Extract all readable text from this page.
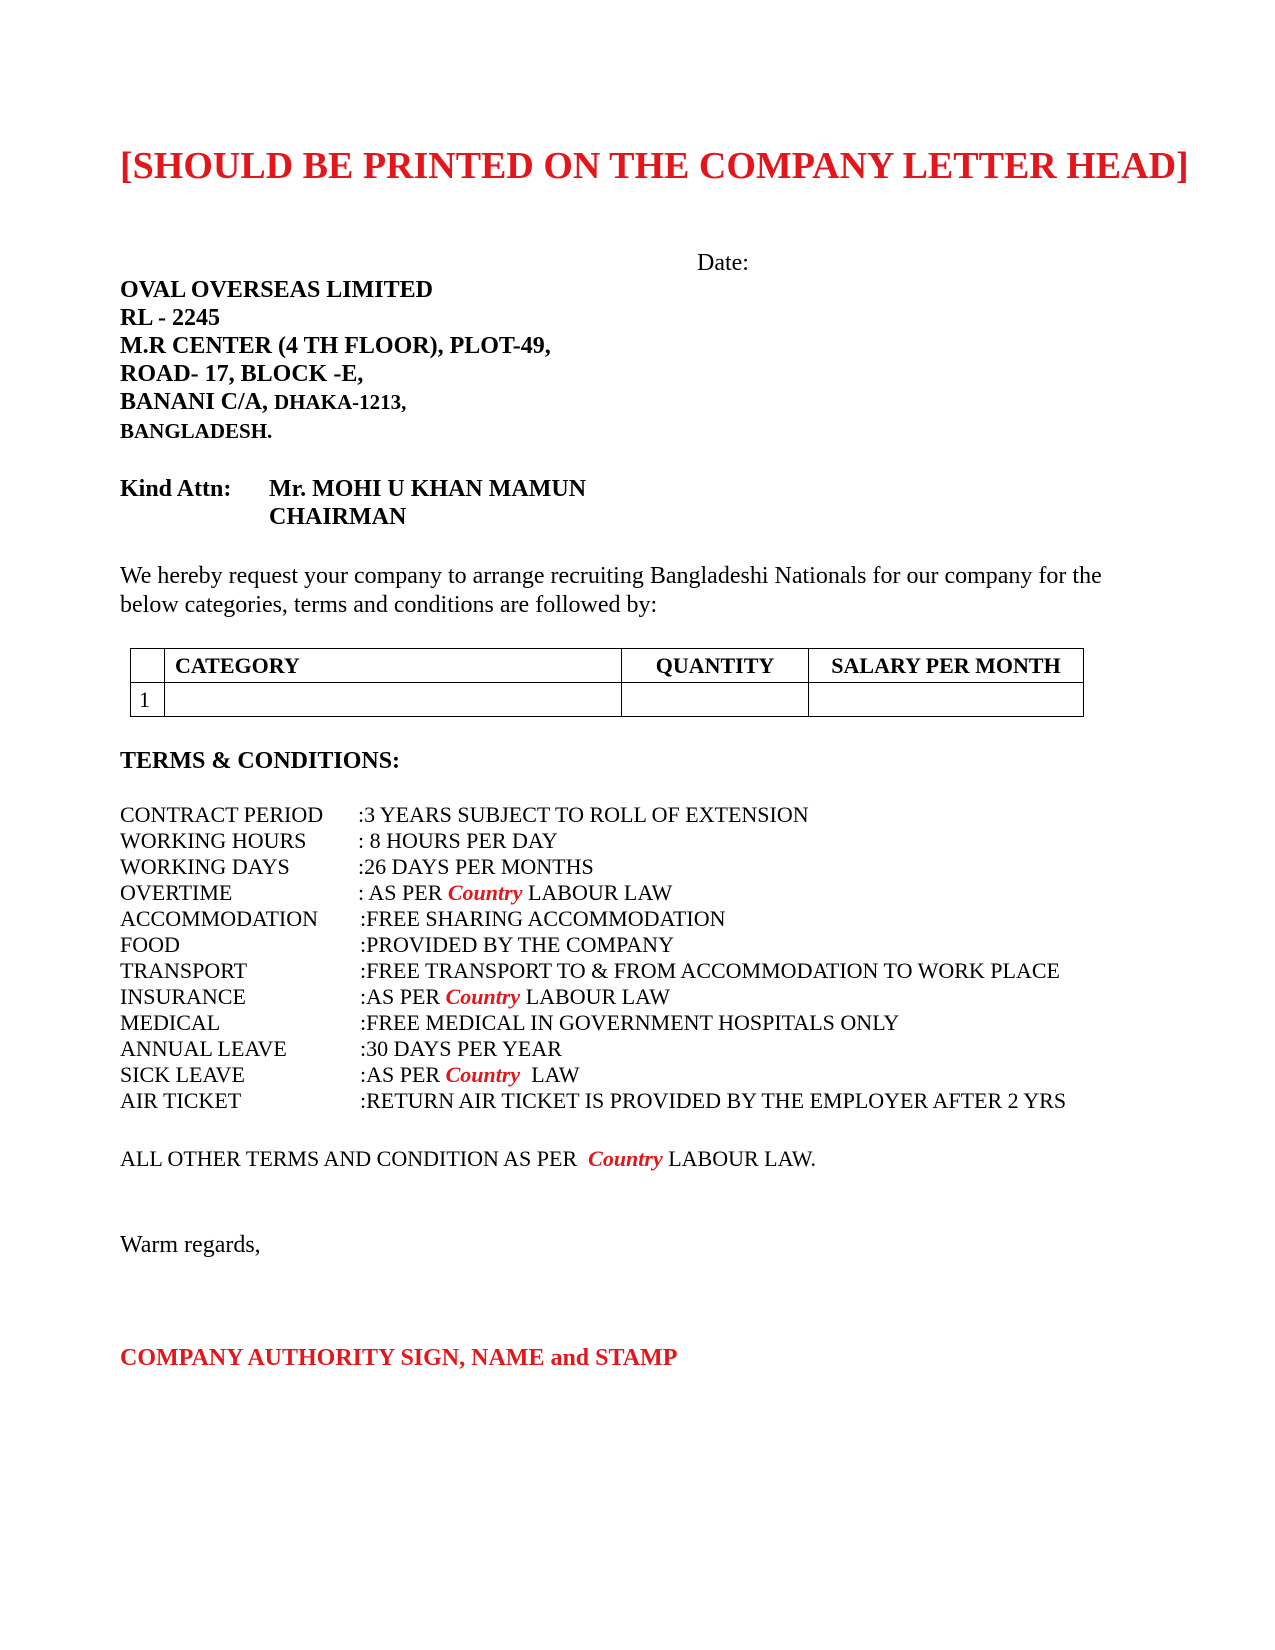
[SHOULD BE PRINTED ON THE COMPANY LETTER HEAD]
Date:
OVAL OVERSEAS LIMITED
RL - 2245
M.R CENTER (4 TH FLOOR), PLOT-49,
ROAD- 17, BLOCK -E,
BANANI C/A, DHAKA-1213,
BANGLADESH.
Kind Attn: Mr. MOHI U KHAN MAMUN
CHAIRMAN
We hereby request your company to arrange recruiting Bangladeshi Nationals for our company for the below categories, terms and conditions are followed by:
	CATEGORY	QUANTITY	SALARY PER MONTH
1			
TERMS & CONDITIONS:
CONTRACT PERIOD :3 YEARS SUBJECT TO ROLL OF EXTENSION
WORKING HOURS : 8 HOURS PER DAY
WORKING DAYS	:26 DAYS PER MONTHS
OVERTIME	: AS PER Country LABOUR LAW
ACCOMMODATION :FREE SHARING ACCOMMODATION
FOOD	:PROVIDED BY THE COMPANY
TRANSPORT	:FREE TRANSPORT TO & FROM ACCOMMODATION TO WORK PLACE
INSURANCE	:AS PER Country LABOUR LAW
MEDICAL	:FREE MEDICAL IN GOVERNMENT HOSPITALS ONLY
ANNUAL LEAVE	:30 DAYS PER YEAR
SICK LEAVE	:AS PER Country  LAW
AIR TICKET	:RETURN AIR TICKET IS PROVIDED BY THE EMPLOYER AFTER 2 YRS
ALL OTHER TERMS AND CONDITION AS PER  Country LABOUR LAW.
Warm regards,
COMPANY AUTHORITY SIGN, NAME and STAMP
